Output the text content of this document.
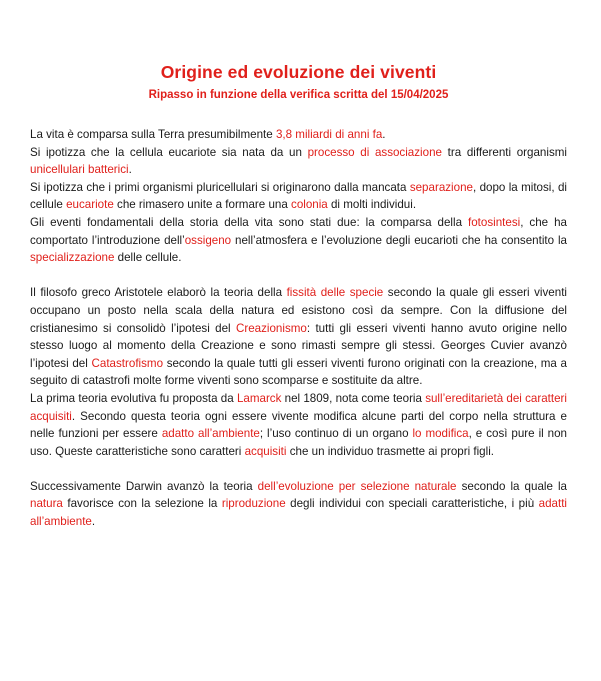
Origine ed evoluzione dei viventi
Ripasso in funzione della verifica scritta del 15/04/2025

La vita è comparsa sulla Terra presumibilmente 3,8 miliardi di anni fa.

Si ipotizza che la cellula eucariote sia nata da un processo di associazione tra differenti organismi unicellulari batterici.

Si ipotizza che i primi organismi pluricellulari si originarono dalla mancata separazione, dopo la mitosi, di cellule eucariote che rimasero unite a formare una colonia di molti individui.

Gli eventi fondamentali della storia della vita sono stati due: la comparsa della fotosintesi, che ha comportato l’introduzione dell’ossigeno nell’atmosfera e l’evoluzione degli eucarioti che ha consentito la specializzazione delle cellule.

Il filosofo greco Aristotele elaborò la teoria della fissità delle specie secondo la quale gli esseri viventi occupano un posto nella scala della natura ed esistono così da sempre. Con la diffusione del cristianesimo si consolidò l’ipotesi del Creazionismo: tutti gli esseri viventi hanno avuto origine nello stesso luogo al momento della Creazione e sono rimasti sempre gli stessi. Georges Cuvier avanzò l’ipotesi del Catastrofismo secondo la quale tutti gli esseri viventi furono originati con la creazione, ma a seguito di catastrofi molte forme viventi sono scomparse e sostituite da altre.

La prima teoria evolutiva fu proposta da Lamarck nel 1809, nota come teoria sull’ereditarietà dei caratteri acquisiti. Secondo questa teoria ogni essere vivente modifica alcune parti del corpo nella struttura e nelle funzioni per essere adatto all’ambiente; l’uso continuo di un organo lo modifica, e così pure il non uso. Queste caratteristiche sono caratteri acquisiti che un individuo trasmette ai propri figli.

Successivamente Darwin avanzò la teoria dell’evoluzione per selezione naturale secondo la quale la natura favorisce con la selezione la riproduzione degli individui con speciali caratteristiche, i più adatti all’ambiente.
